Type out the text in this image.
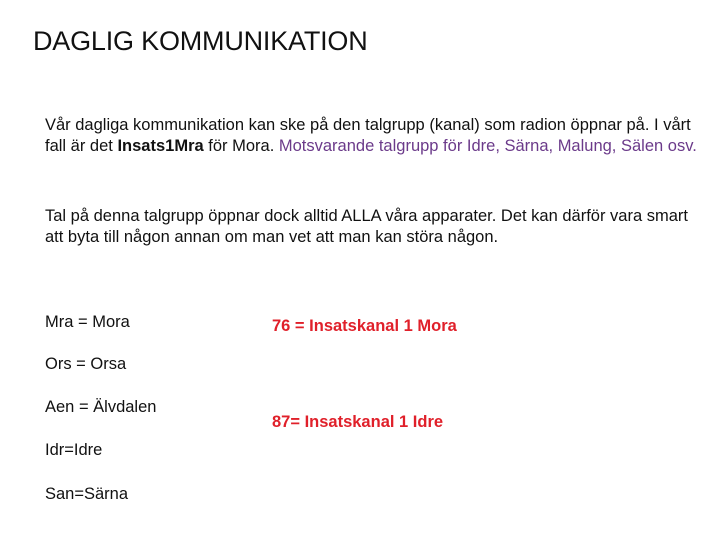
DAGLIG KOMMUNIKATION
Vår dagliga kommunikation kan ske på den talgrupp (kanal) som radion öppnar på. I vårt fall är det Insats1Mra för Mora. Motsvarande talgrupp för Idre, Särna, Malung, Sälen osv.
Tal på denna talgrupp öppnar dock alltid ALLA våra apparater. Det kan därför vara smart att byta till någon annan om man vet att man kan störa någon.
Mra = Mora
Ors = Orsa
Aen = Älvdalen
Idr=Idre
San=Särna
76 = Insatskanal 1 Mora
87= Insatskanal 1 Idre
